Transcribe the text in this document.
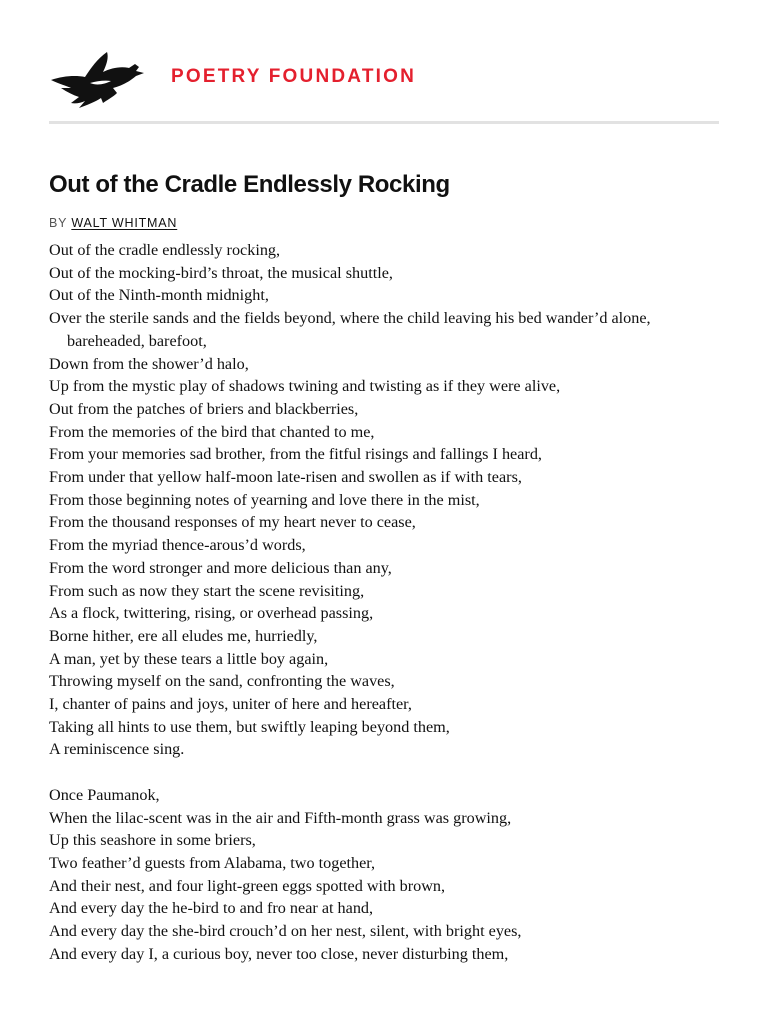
POETRY FOUNDATION
Out of the Cradle Endlessly Rocking
BY WALT WHITMAN
Out of the cradle endlessly rocking,
Out of the mocking-bird’s throat, the musical shuttle,
Out of the Ninth-month midnight,
Over the sterile sands and the fields beyond, where the child leaving his bed wander’d alone,
bareheaded, barefoot,
Down from the shower’d halo,
Up from the mystic play of shadows twining and twisting as if they were alive,
Out from the patches of briers and blackberries,
From the memories of the bird that chanted to me,
From your memories sad brother, from the fitful risings and fallings I heard,
From under that yellow half-moon late-risen and swollen as if with tears,
From those beginning notes of yearning and love there in the mist,
From the thousand responses of my heart never to cease,
From the myriad thence-arous’d words,
From the word stronger and more delicious than any,
From such as now they start the scene revisiting,
As a flock, twittering, rising, or overhead passing,
Borne hither, ere all eludes me, hurriedly,
A man, yet by these tears a little boy again,
Throwing myself on the sand, confronting the waves,
I, chanter of pains and joys, uniter of here and hereafter,
Taking all hints to use them, but swiftly leaping beyond them,
A reminiscence sing.
Once Paumanok,
When the lilac-scent was in the air and Fifth-month grass was growing,
Up this seashore in some briers,
Two feather’d guests from Alabama, two together,
And their nest, and four light-green eggs spotted with brown,
And every day the he-bird to and fro near at hand,
And every day the she-bird crouch’d on her nest, silent, with bright eyes,
And every day I, a curious boy, never too close, never disturbing them,
